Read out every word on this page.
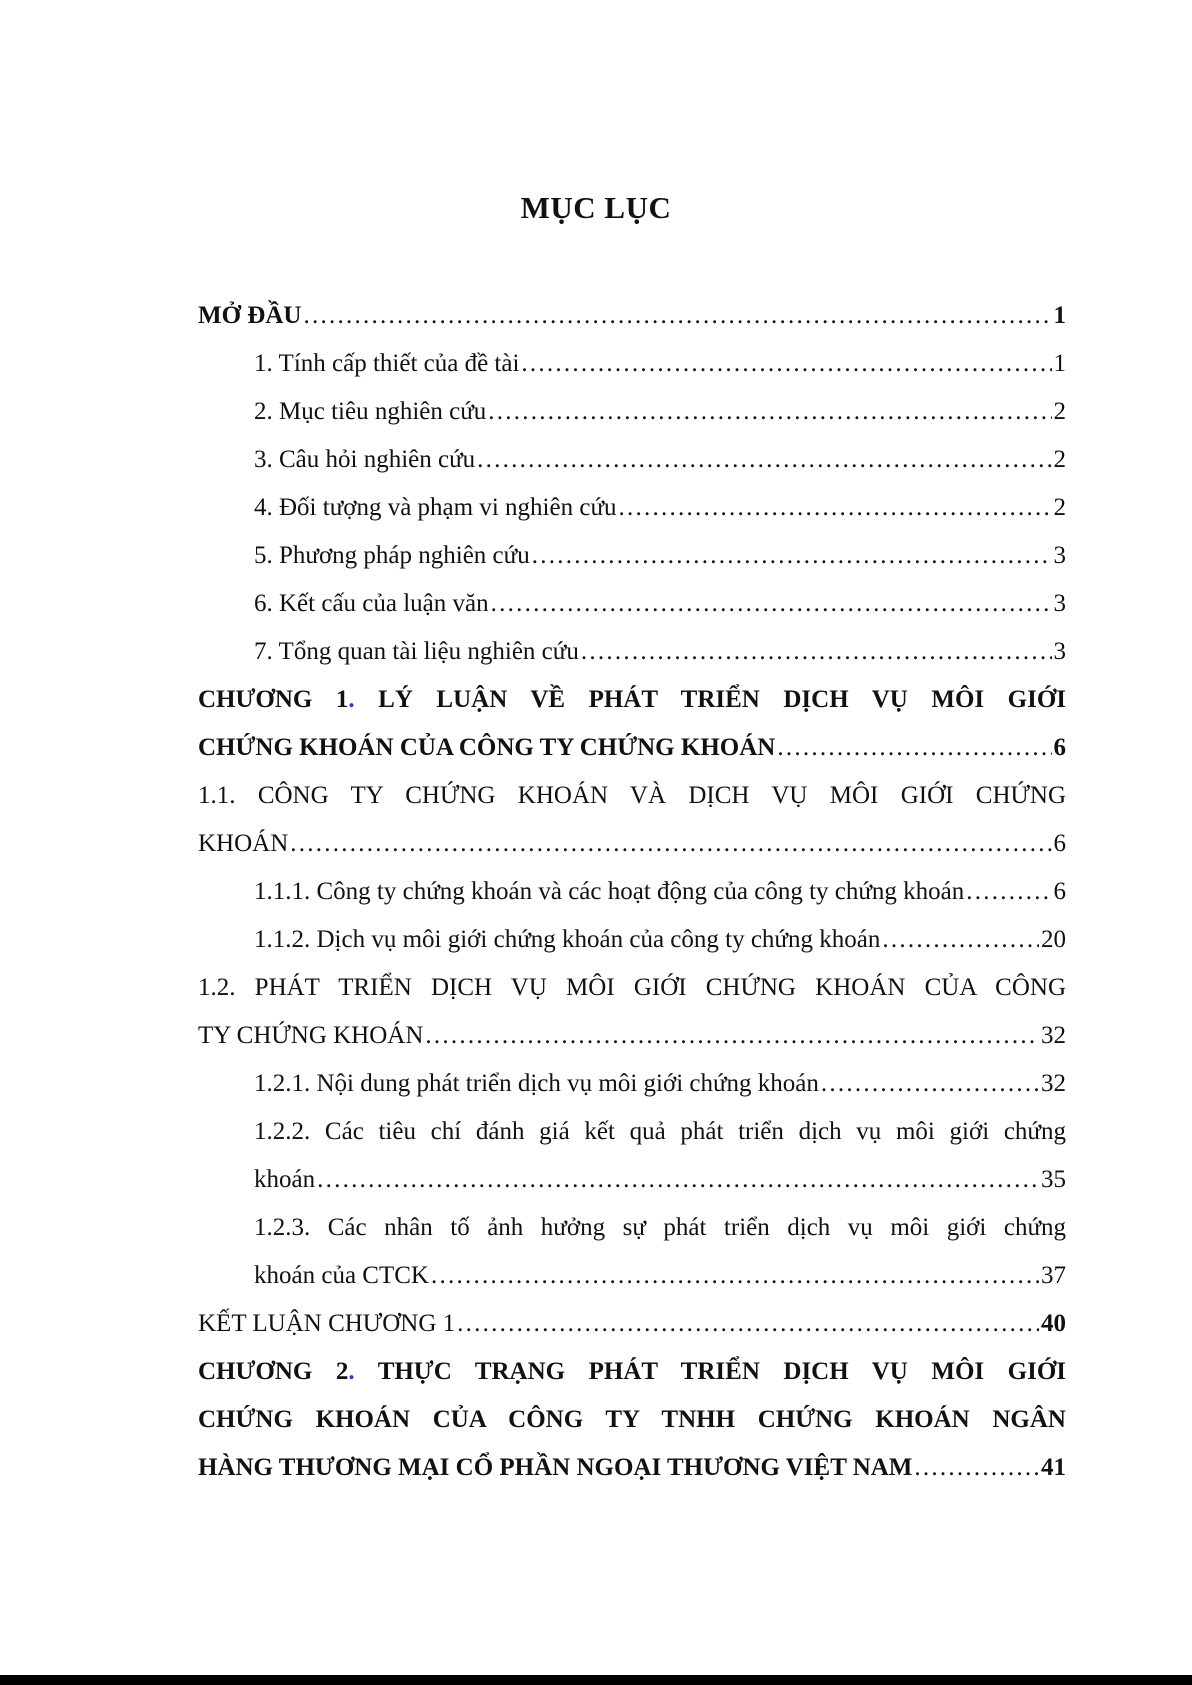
MỤC LỤC
MỞ ĐẦU . . .	1
1. Tính cấp thiết của đề tài . . .	1
2. Mục tiêu nghiên cứu . . .	2
3. Câu hỏi nghiên cứu . . .	2
4. Đối tượng và phạm vi nghiên cứu . . .	2
5. Phương pháp nghiên cứu . . .	3
6. Kết cấu của luận văn . . .	3
7. Tổng quan tài liệu nghiên cứu . . .	3
CHƯƠNG 1. LÝ LUẬN VỀ PHÁT TRIỂN DỊCH VỤ MÔI GIỚI
CHỨNG KHOÁN CỦA CÔNG TY CHỨNG KHOÁN . . .	6
1.1. CÔNG TY CHỨNG KHOÁN VÀ DỊCH VỤ MÔI GIỚI CHỨNG
KHOÁN . . .	6
1.1.1. Công ty chứng khoán và các hoạt động của công ty chứng khoán . . .	6
1.1.2. Dịch vụ môi giới chứng khoán của công ty chứng khoán . . .	20
1.2. PHÁT TRIỂN DỊCH VỤ MÔI GIỚI CHỨNG KHOÁN CỦA CÔNG
TY CHỨNG KHOÁN . . .	32
1.2.1. Nội dung phát triển dịch vụ môi giới chứng khoán . . .	32
1.2.2. Các tiêu chí đánh giá kết quả phát triển dịch vụ môi giới chứng
khoán . . .	35
1.2.3. Các nhân tố ảnh hưởng sự phát triển dịch vụ môi giới chứng
khoán của CTCK . . .	37
KẾT LUẬN CHƯƠNG 1 . . .	40
CHƯƠNG 2. THỰC TRẠNG PHÁT TRIỂN DỊCH VỤ MÔI GIỚI
CHỨNG KHOÁN CỦA CÔNG TY TNHH CHỨNG KHOÁN NGÂN
HÀNG THƯƠNG MẠI CỔ PHẦN NGOẠI THƯƠNG VIỆT NAM . . .	41
